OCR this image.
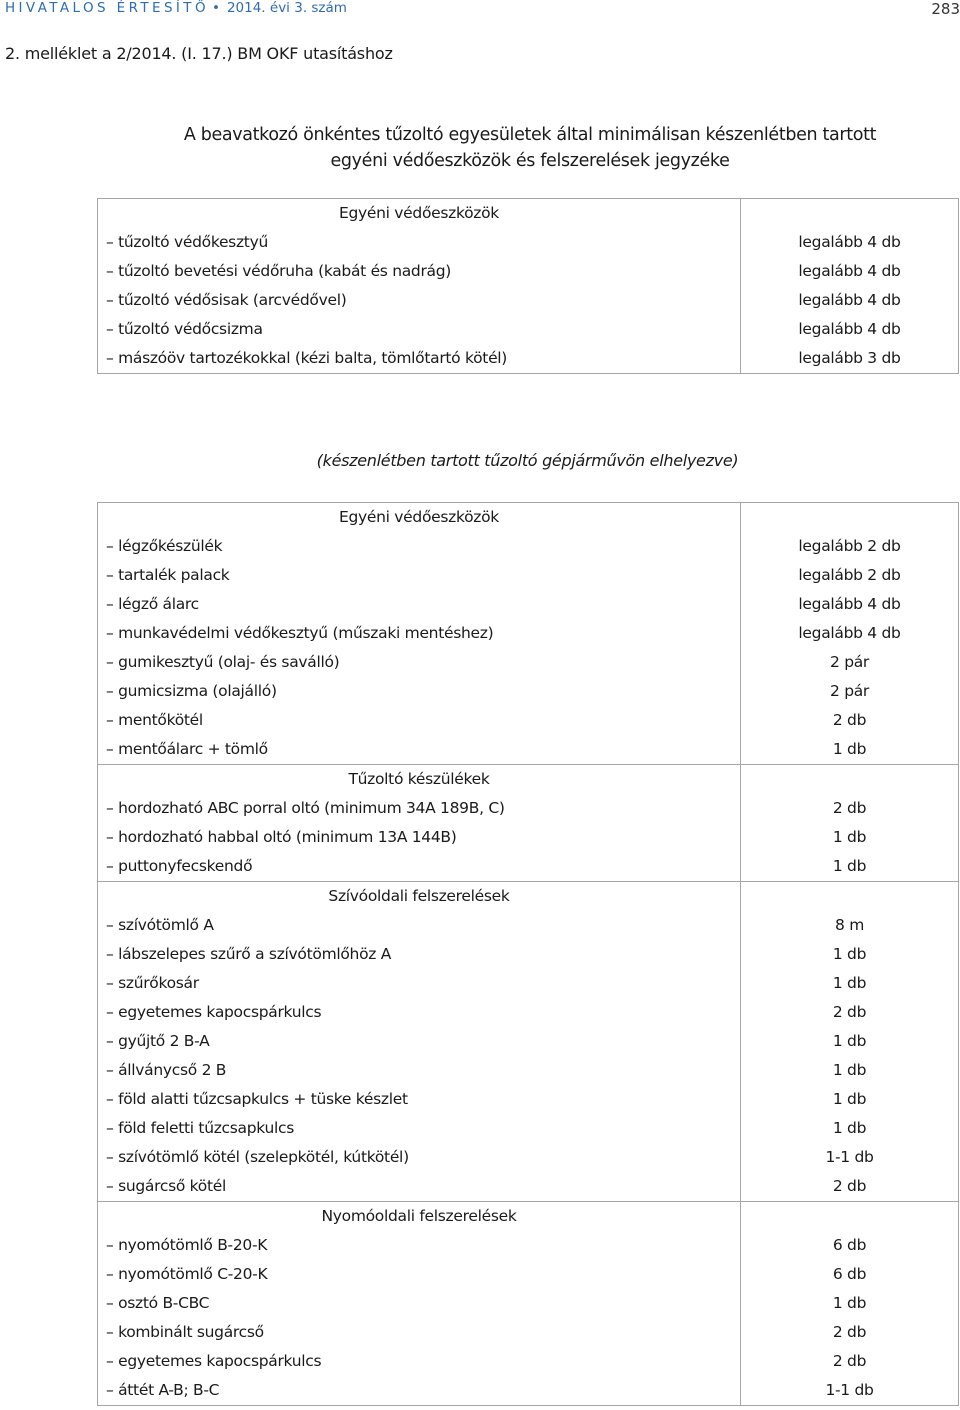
HIVATALOS ÉRTESÍTŐ • 2014. évi 3. szám	283
2. melléklet a 2/2014. (I. 17.) BM OKF utasításhoz
A beavatkozó önkéntes tűzoltó egyesületek által minimálisan készenlétben tartott
egyéni védőeszközök és felszerelések jegyzéke
Egyéni védőeszközök	
– tűzoltó védőkesztyű	legalább 4 db
– tűzoltó bevetési védőruha (kabát és nadrág)	legalább 4 db
– tűzoltó védősisak (arcvédővel)	legalább 4 db
– tűzoltó védőcsizma	legalább 4 db
– mászóöv tartozékokkal (kézi balta, tömlőtartó kötél)	legalább 3 db
(készenlétben tartott tűzoltó gépjárművön elhelyezve)
Egyéni védőeszközök	
– légzőkészülék	legalább 2 db
– tartalék palack	legalább 2 db
– légző álarc	legalább 4 db
– munkavédelmi védőkesztyű (műszaki mentéshez)	legalább 4 db
– gumikesztyű (olaj- és saválló)	2 pár
– gumicsizma (olajálló)	2 pár
– mentőkötél	2 db
– mentőálarc + tömlő	1 db
Tűzoltó készülékek	
– hordozható ABC porral oltó (minimum 34A 189B, C)	2 db
– hordozható habbal oltó (minimum 13A 144B)	1 db
– puttonyfecskendő	1 db
Szívóoldali felszerelések	
– szívótömlő A	8 m
– lábszelepes szűrő a szívótömlőhöz A	1 db
– szűrőkosár	1 db
– egyetemes kapocspárkulcs	2 db
– gyűjtő 2 B-A	1 db
– állványcső 2 B	1 db
– föld alatti tűzcsapkulcs + tüske készlet	1 db
– föld feletti tűzcsapkulcs	1 db
– szívótömlő kötél (szelepkötél, kútkötél)	1-1 db
– sugárcső kötél	2 db
Nyomóoldali felszerelések	
– nyomótömlő B-20-K	6 db
– nyomótömlő C-20-K	6 db
– osztó B-CBC	1 db
– kombinált sugárcső	2 db
– egyetemes kapocspárkulcs	2 db
– áttét A-B; B-C	1-1 db
